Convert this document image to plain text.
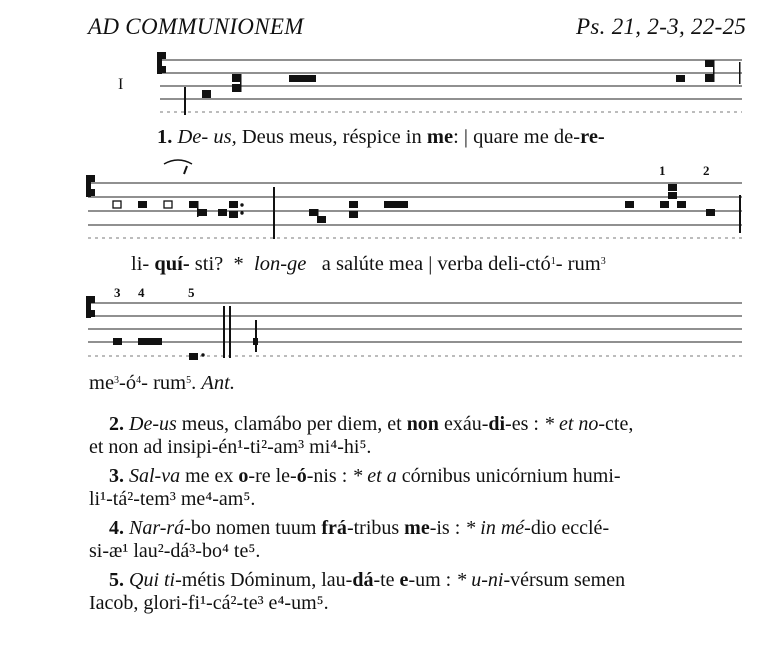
AD COMMUNIONEM	Ps. 21, 2-3, 22-25
I
1. De- us, Deus meus, réspice in me: | quare me de-re-
1	2
li- quí- sti? * lon-ge a salúte mea | verba deli-ctó$^1$- rum$^3$
3 4	5
$me^3-ó^4-$ rum$^5$. Ant.
2. De-us meus, clamábo per diem, et non exáu-di-es : * et no-cte,
et non ad insipi-én¹-ti²-am³ mi⁴-hi⁵.
3. Sal-va me ex o-re le-ó-nis : * et a córnibus unicórnium humi-
li¹-tá²-tem³ me⁴-am⁵.
4. Nar-rá-bo nomen tuum frá-tribus me-is : * in mé-dio ecclé-
si-æ¹ lau²-dá³-bo⁴ te⁵.
5. Qui ti-métis Dóminum, lau-dá-te e-um : * u-ni-vérsum semen
Iacob, glori-fi¹-cá²-te³ e⁴-um⁵.
